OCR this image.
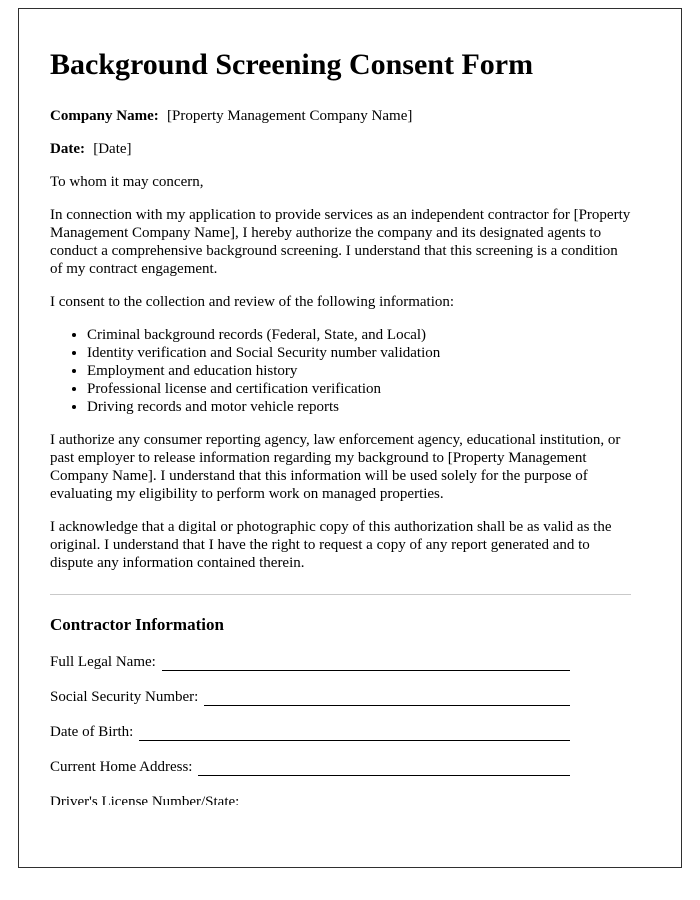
Background Screening Consent Form

Company Name: [Property Management Company Name]

Date: [Date]

To whom it may concern,

In connection with my application to provide services as an independent contractor for [Property Management Company Name], I hereby authorize the company and its designated agents to conduct a comprehensive background screening. I understand that this screening is a condition of my contract engagement.

I consent to the collection and review of the following information:

• Criminal background records (Federal, State, and Local)
• Identity verification and Social Security number validation
• Employment and education history
• Professional license and certification verification
• Driving records and motor vehicle reports

I authorize any consumer reporting agency, law enforcement agency, educational institution, or past employer to release information regarding my background to [Property Management Company Name]. I understand that this information will be used solely for the purpose of evaluating my eligibility to perform work on managed properties.

I acknowledge that a digital or photographic copy of this authorization shall be as valid as the original. I understand that I have the right to request a copy of any report generated and to dispute any information contained therein.

Contractor Information
Full Legal Name:
Social Security Number:
Date of Birth:
Current Home Address:
Driver's License Number/State:
